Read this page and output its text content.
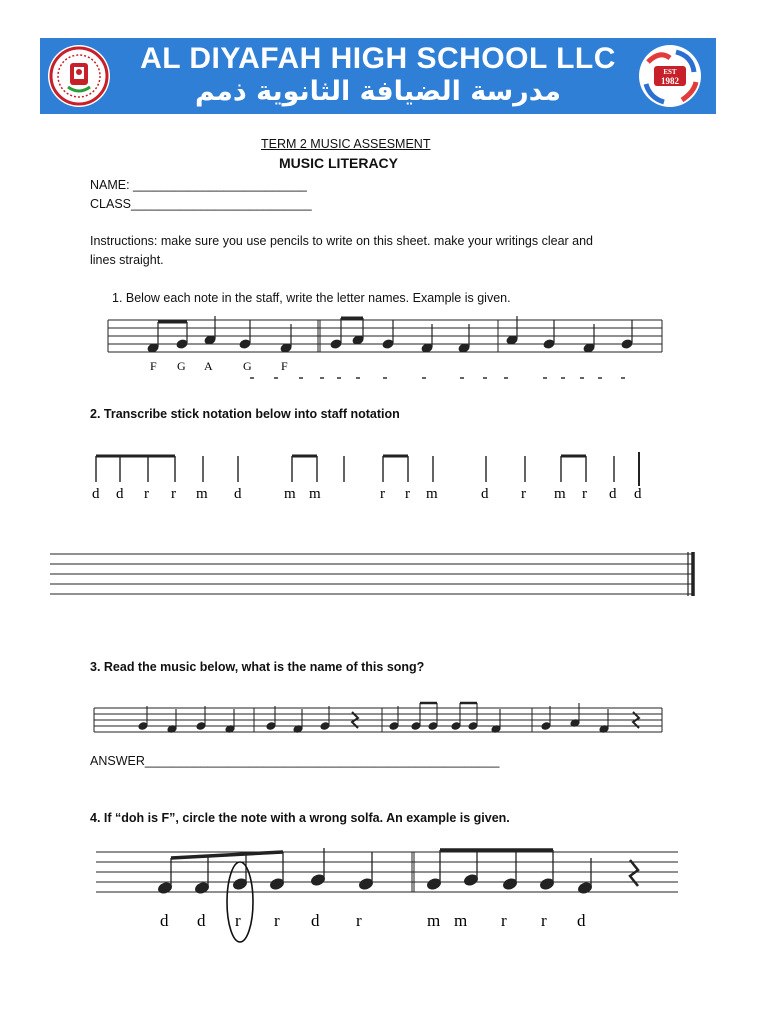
AL DIYAFAH HIGH SCHOOL LLC
مدرسة الضيافة الثانوية ذمم
EST
1982
TERM 2 MUSIC ASSESMENT
MUSIC LITERACY
NAME: _________________________
CLASS__________________________
Instructions: make sure you use pencils to write on this sheet. make your writings clear and
lines straight.
1. Below each note in the staff, write the letter names. Example is given.
F G A	G F
2. Transcribe stick notation below into staff notation
d d r r m d	m m	r r m	d r m r d d
3. Read the music below, what is the name of this song?
ANSWER___________________________________________________
4. If “doh is F”, circle the note with a wrong solfa. An example is given.
d d r r d r	m m r r d
